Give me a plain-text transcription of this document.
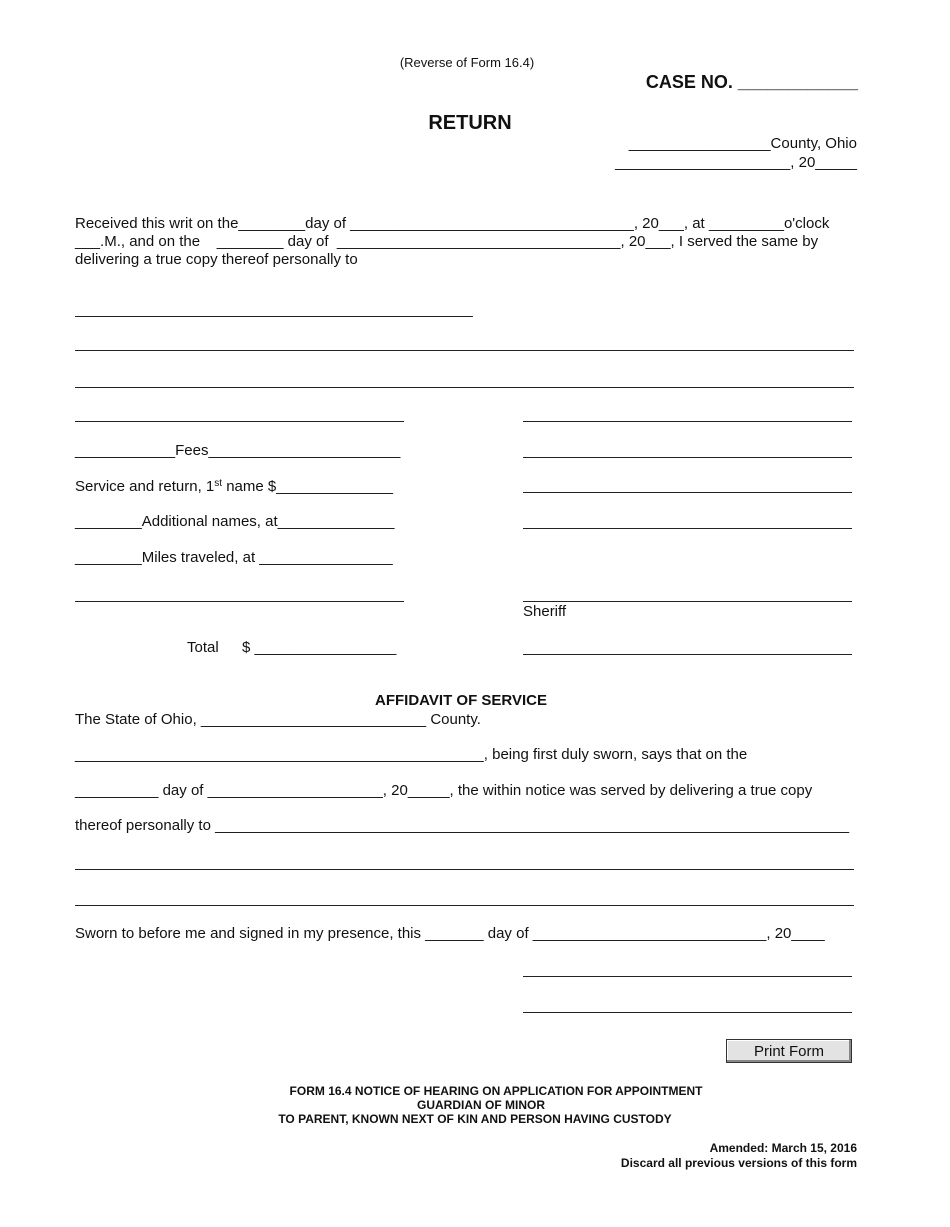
(Reverse of Form 16.4)
CASE NO. ____________
RETURN
_________________County, Ohio
_____________________, 20_____
Received this writ on the________day of __________________________________, 20___, at _________o'clock
___.M., and on the    ________ day of  __________________________________, 20___, I served the same by
delivering a true copy thereof personally to
____________Fees_______________________
Service and return, 1st name $______________
________Additional names, at______________
________Miles traveled, at ________________
Total $ _________________
Sheriff
AFFIDAVIT OF SERVICE
The State of Ohio, ___________________________ County.
_________________________________________________, being first duly sworn, says that on the
__________ day of _____________________, 20_____, the within notice was served by delivering a true copy
thereof personally to ____________________________________________________________________________
Sworn to before me and signed in my presence, this _______ day of ____________________________, 20____
Print Form
FORM 16.4 NOTICE OF HEARING ON APPLICATION FOR APPOINTMENT
GUARDIAN OF MINOR
TO PARENT, KNOWN NEXT OF KIN AND PERSON HAVING CUSTODY
Amended: March 15, 2016
Discard all previous versions of this form
